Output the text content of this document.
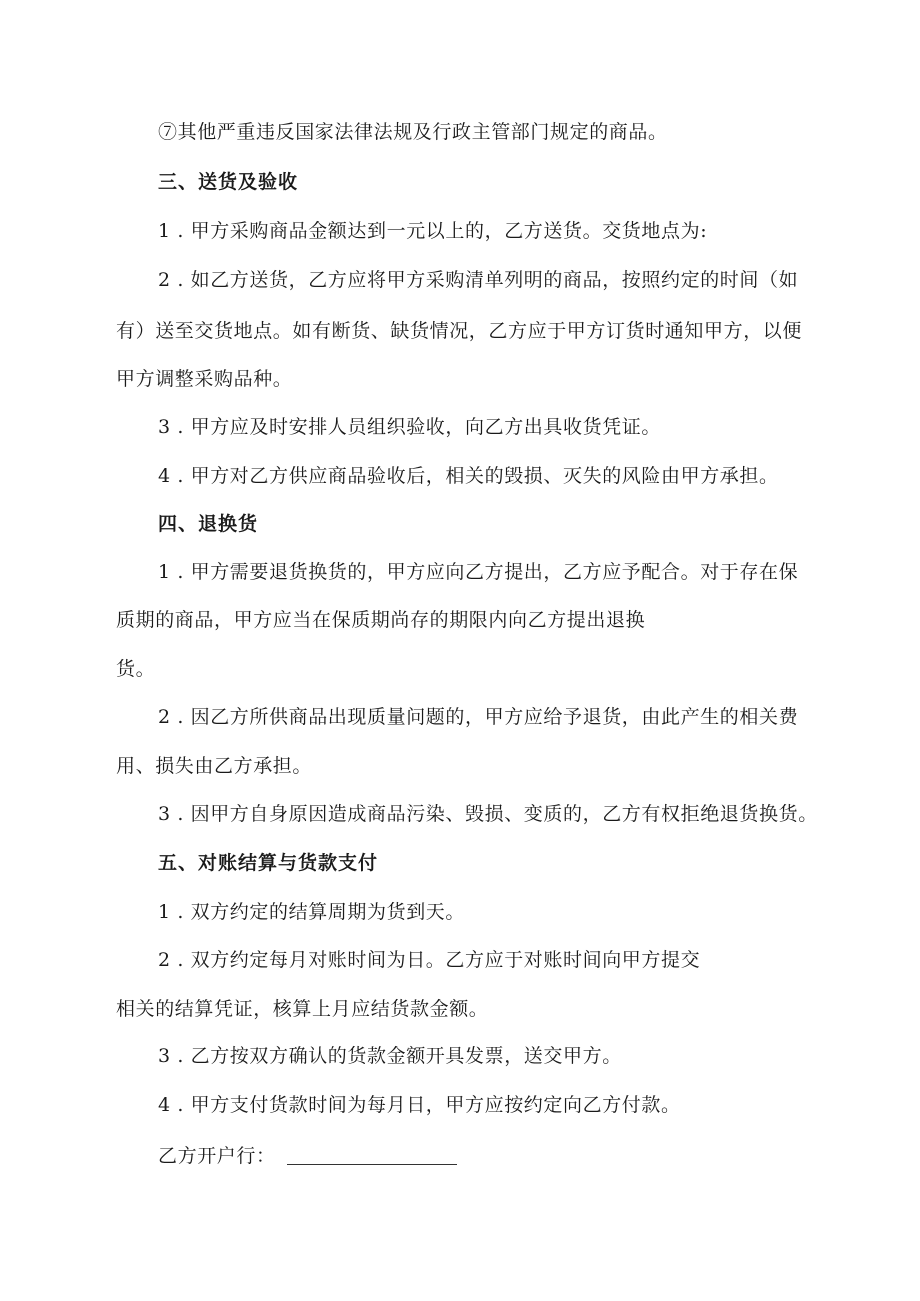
⑦其他严重违反国家法律法规及行政主管部门规定的商品。

三、送货及验收

1 . 甲方采购商品金额达到一元以上的，乙方送货。交货地点为:

2 . 如乙方送货，乙方应将甲方采购清单列明的商品，按照约定的时间（如

有）送至交货地点。如有断货、缺货情况，乙方应于甲方订货时通知甲方，以便

甲方调整采购品种。

3 . 甲方应及时安排人员组织验收，向乙方出具收货凭证。

4 . 甲方对乙方供应商品验收后，相关的毁损、灭失的风险由甲方承担。

四、退换货

1 . 甲方需要退货换货的，甲方应向乙方提出，乙方应予配合。对于存在保

质期的商品，甲方应当在保质期尚存的期限内向乙方提出退换

货。

2 . 因乙方所供商品出现质量问题的，甲方应给予退货，由此产生的相关费

用、损失由乙方承担。

3 . 因甲方自身原因造成商品污染、毁损、变质的，乙方有权拒绝退货换货。

五、对账结算与货款支付

1 . 双方约定的结算周期为货到天。

2 . 双方约定每月对账时间为日。乙方应于对账时间向甲方提交

相关的结算凭证，核算上月应结货款金额。

3 . 乙方按双方确认的货款金额开具发票，送交甲方。

4 . 甲方支付货款时间为每月日，甲方应按约定向乙方付款。

乙方开户行：
